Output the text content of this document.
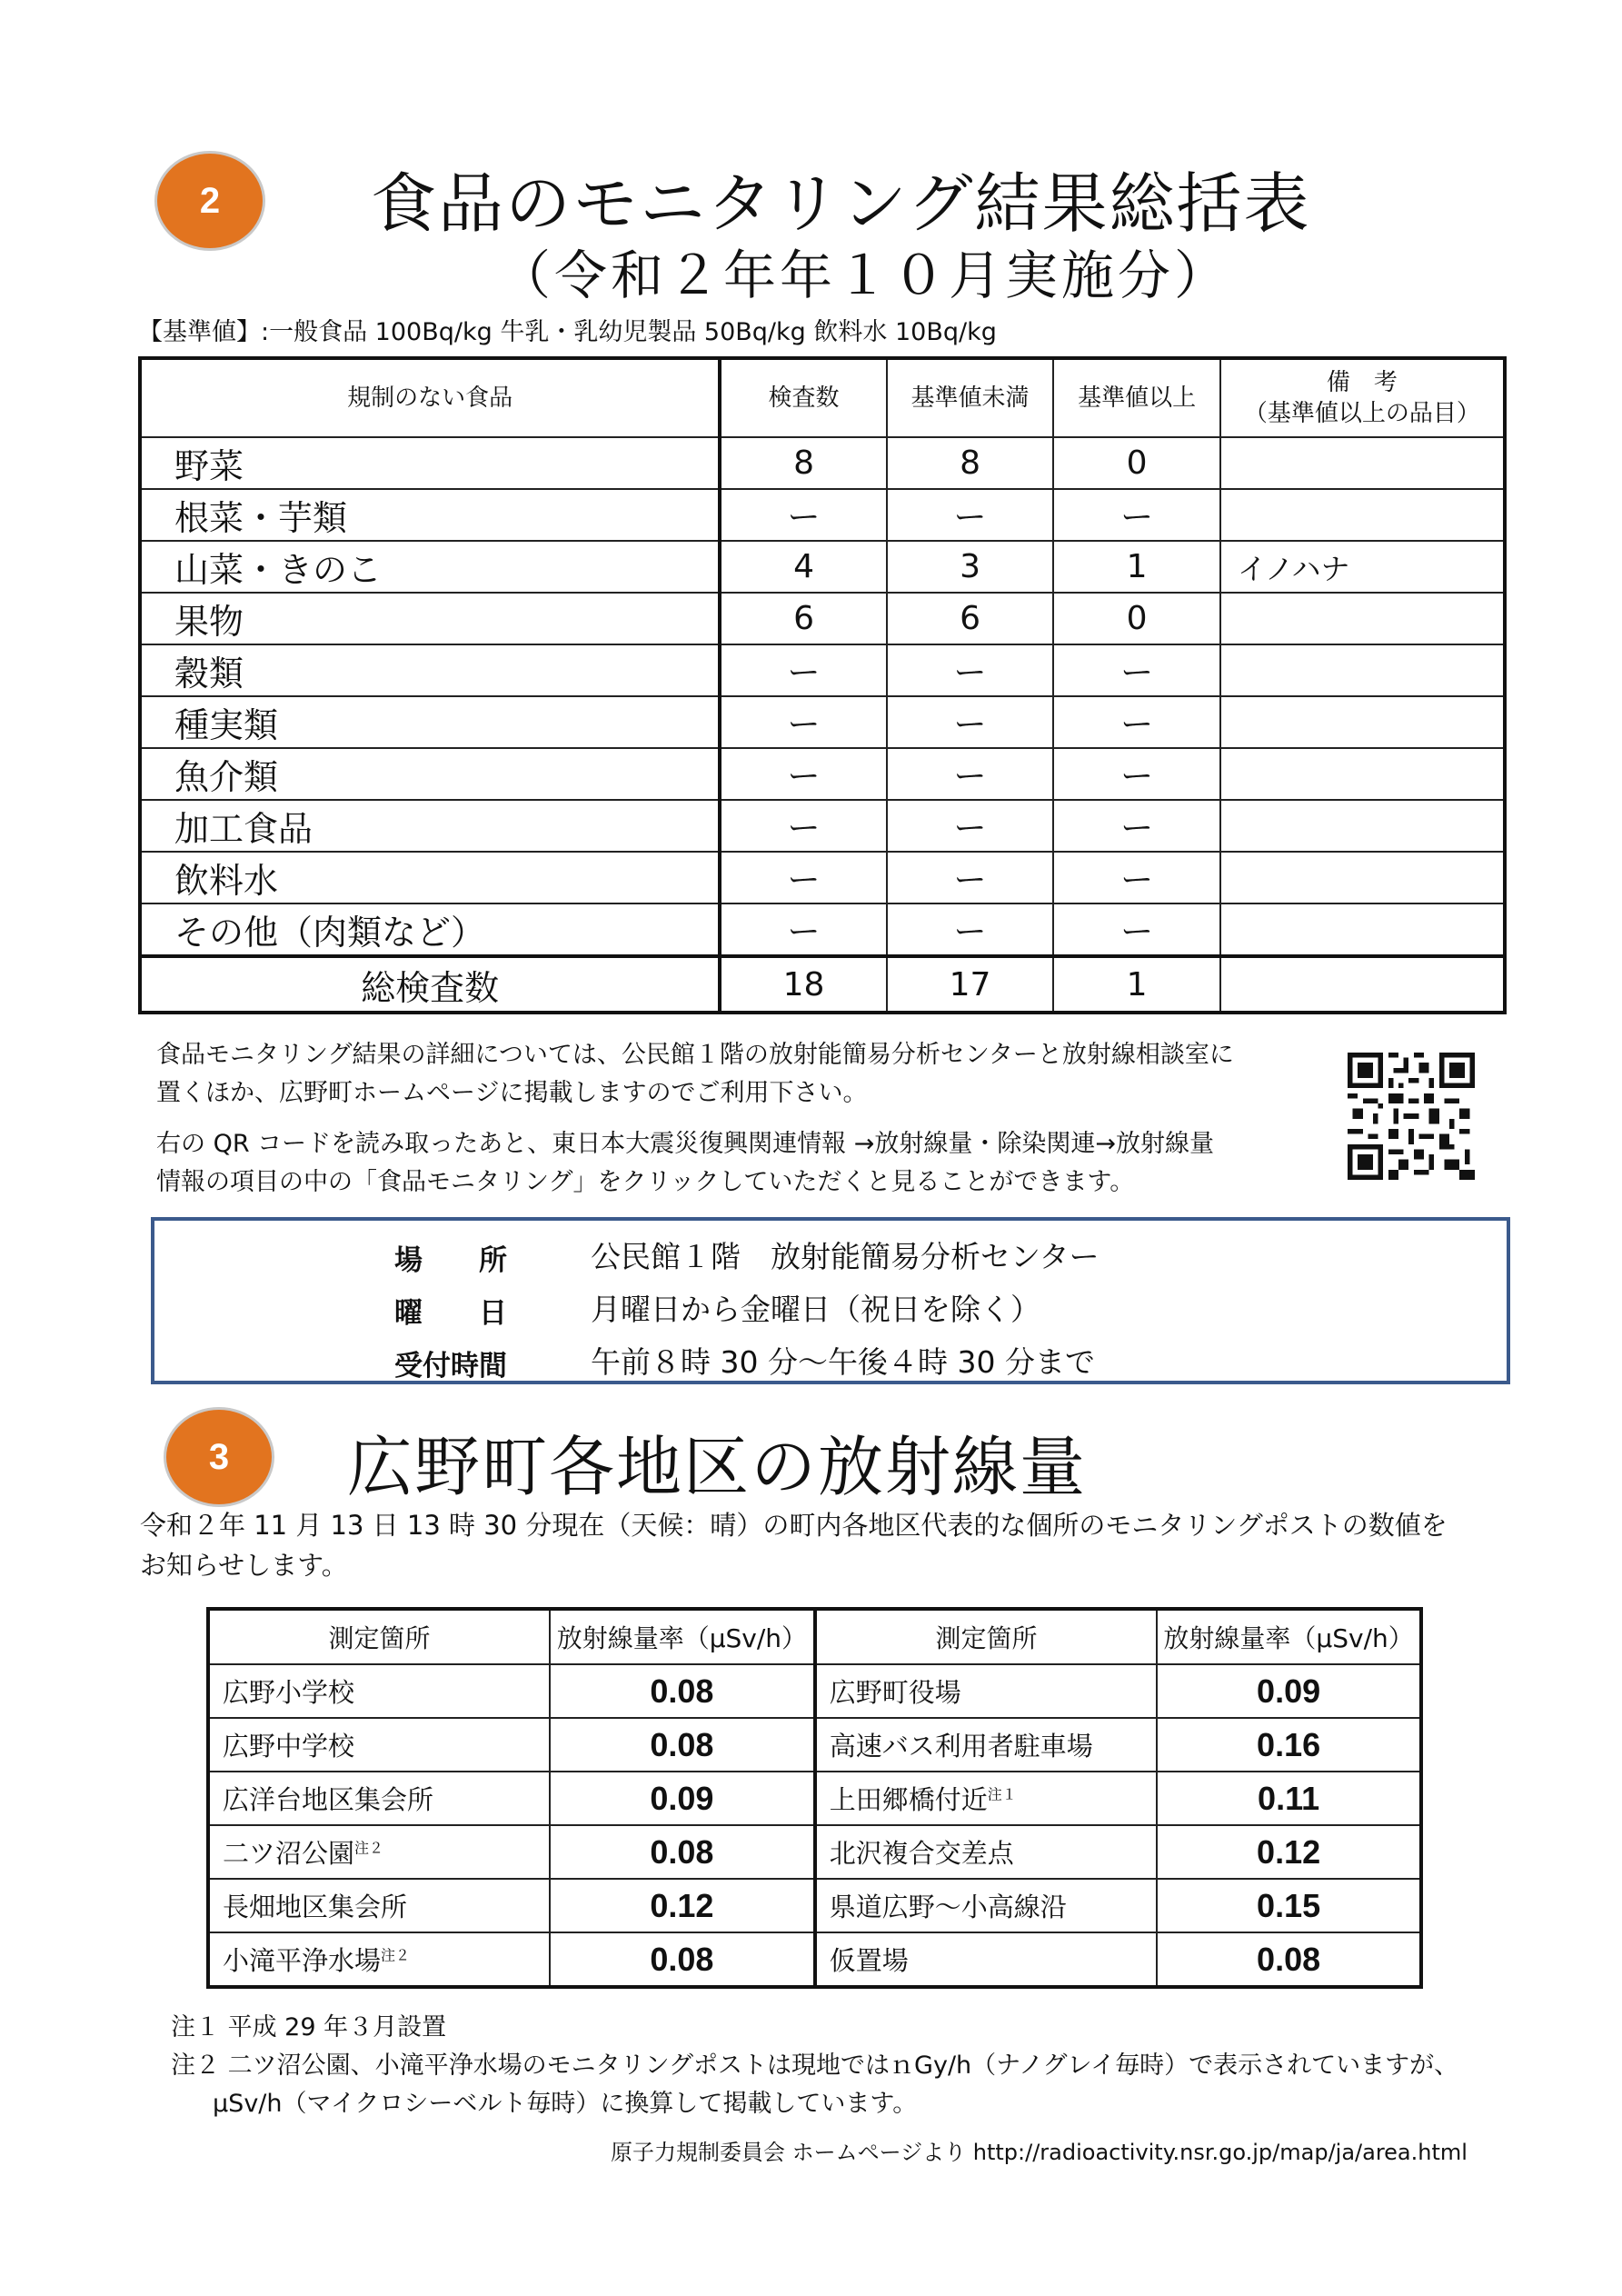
2 食品のモニタリング結果総括表
（令和２年年１０月実施分）
【基準値】:一般食品 100Bq/kg 牛乳・乳幼児製品 50Bq/kg 飲料水 10Bq/kg
規制のない食品	検査数	基準値未満	基準値以上	備　考
（基準値以上の品目）

野菜	8	8	0	
根菜・芋類	ー	ー	ー	
山菜・きのこ	4	3	1	イノハナ
果物	6	6	0	
穀類	ー	ー	ー	
種実類	ー	ー	ー	
魚介類	ー	ー	ー	
加工食品	ー	ー	ー	
飲料水	ー	ー	ー	
その他（肉類など）	ー	ー	ー	
総検査数	18	17	1	
食品モニタリング結果の詳細については、公民館１階の放射能簡易分析センターと放射線相談室に
置くほか、広野町ホームページに掲載しますのでご利用下さい。
右の QR コードを読み取ったあと、東日本大震災復興関連情報 →放射線量・除染関連→放射線量
情報の項目の中の「食品モニタリング」をクリックしていただくと見ることができます。
場　　所	公民館１階　放射能簡易分析センター
曜　　日	月曜日から金曜日（祝日を除く）
受付時間	午前８時 30 分～午後４時 30 分まで
3 広野町各地区の放射線量
令和２年 11 月 13 日 13 時 30 分現在（天候：晴）の町内各地区代表的な個所のモニタリングポストの数値を
お知らせします。
測定箇所	放射線量率（μSv/h）	測定箇所	放射線量率（μSv/h）
広野小学校	0.08	広野町役場	0.09
広野中学校	0.08	高速バス利用者駐車場	0.16
広洋台地区集会所	0.09	上田郷橋付近$^{注1}$	0.11
二ツ沼公園$^{注2}$	0.08	北沢複合交差点	0.12
長畑地区集会所	0.12	県道広野～小高線沿	0.15
小滝平浄水場$^{注2}$	0.08	仮置場	0.08
注１ 平成 29 年３月設置
注２ 二ツ沼公園、小滝平浄水場のモニタリングポストは現地ではｎGy/h（ナノグレイ毎時）で表示されていますが、
μSv/h（マイクロシーベルト毎時）に換算して掲載しています。
原子力規制委員会 ホームページより http://radioactivity.nsr.go.jp/map/ja/area.html
